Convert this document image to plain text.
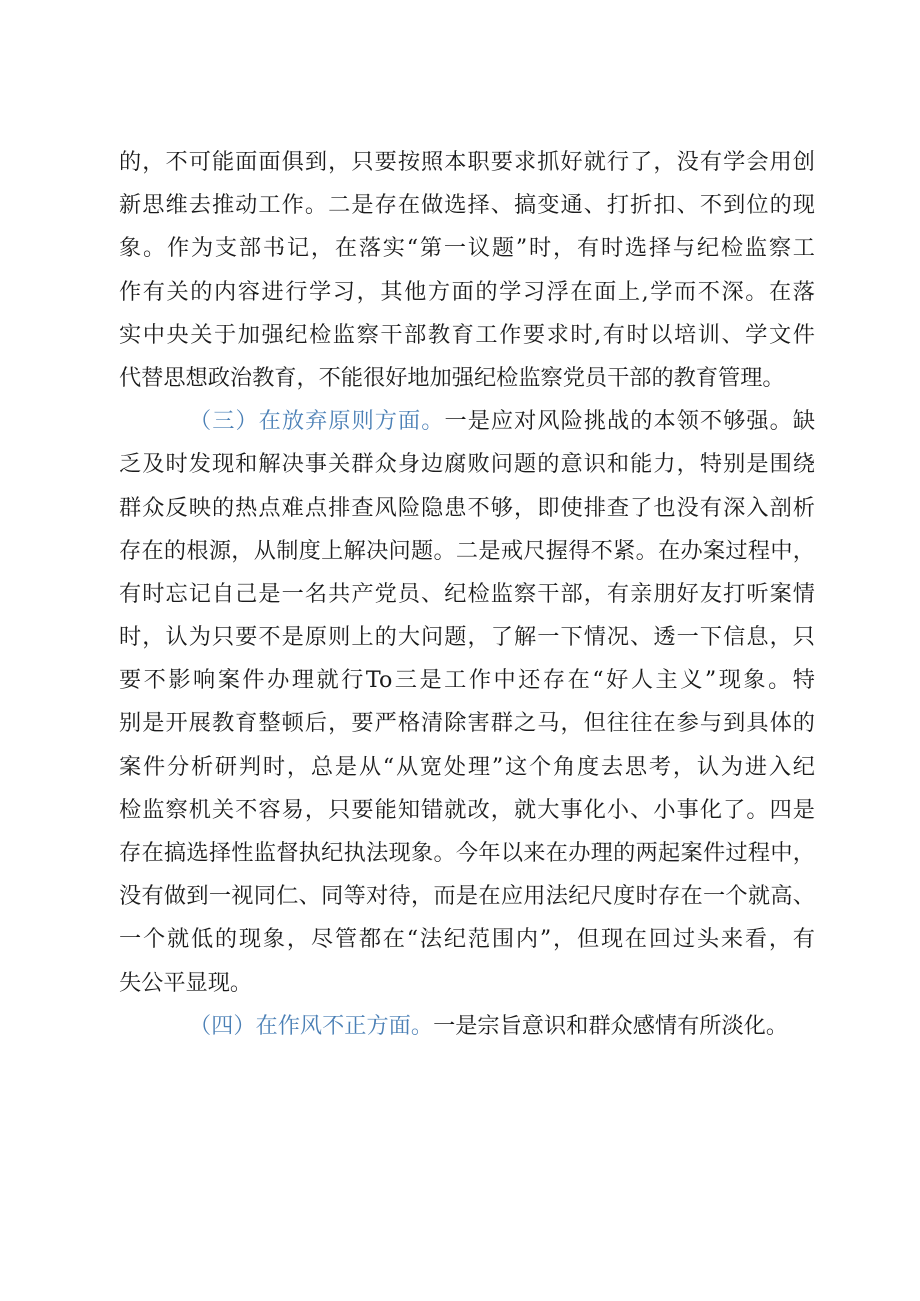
的，不可能面面俱到，只要按照本职要求抓好就行了，没有学会用创
新思维去推动工作。二是存在做选择、搞变通、打折扣、不到位的现
象。作为支部书记，在落实“第一议题”时，有时选择与纪检监察工
作有关的内容进行学习，其他方面的学习浮在面上,学而不深。在落
实中央关于加强纪检监察干部教育工作要求时,有时以培训、学文件
代替思想政治教育，不能很好地加强纪检监察党员干部的教育管理。
（三）在放弃原则方面。一是应对风险挑战的本领不够强。缺
乏及时发现和解决事关群众身边腐败问题的意识和能力，特别是围绕
群众反映的热点难点排查风险隐患不够，即使排查了也没有深入剖析
存在的根源，从制度上解决问题。二是戒尺握得不紧。在办案过程中，
有时忘记自己是一名共产党员、纪检监察干部，有亲朋好友打听案情
时，认为只要不是原则上的大问题，了解一下情况、透一下信息，只
要不影响案件办理就行To三是工作中还存在“好人主义”现象。特
别是开展教育整顿后，要严格清除害群之马，但往往在参与到具体的
案件分析研判时，总是从“从宽处理”这个角度去思考，认为进入纪
检监察机关不容易，只要能知错就改，就大事化小、小事化了。四是
存在搞选择性监督执纪执法现象。今年以来在办理的两起案件过程中，
没有做到一视同仁、同等对待，而是在应用法纪尺度时存在一个就高、
一个就低的现象，尽管都在“法纪范围内”，但现在回过头来看，有
失公平显现。
（四）在作风不正方面。一是宗旨意识和群众感情有所淡化。
